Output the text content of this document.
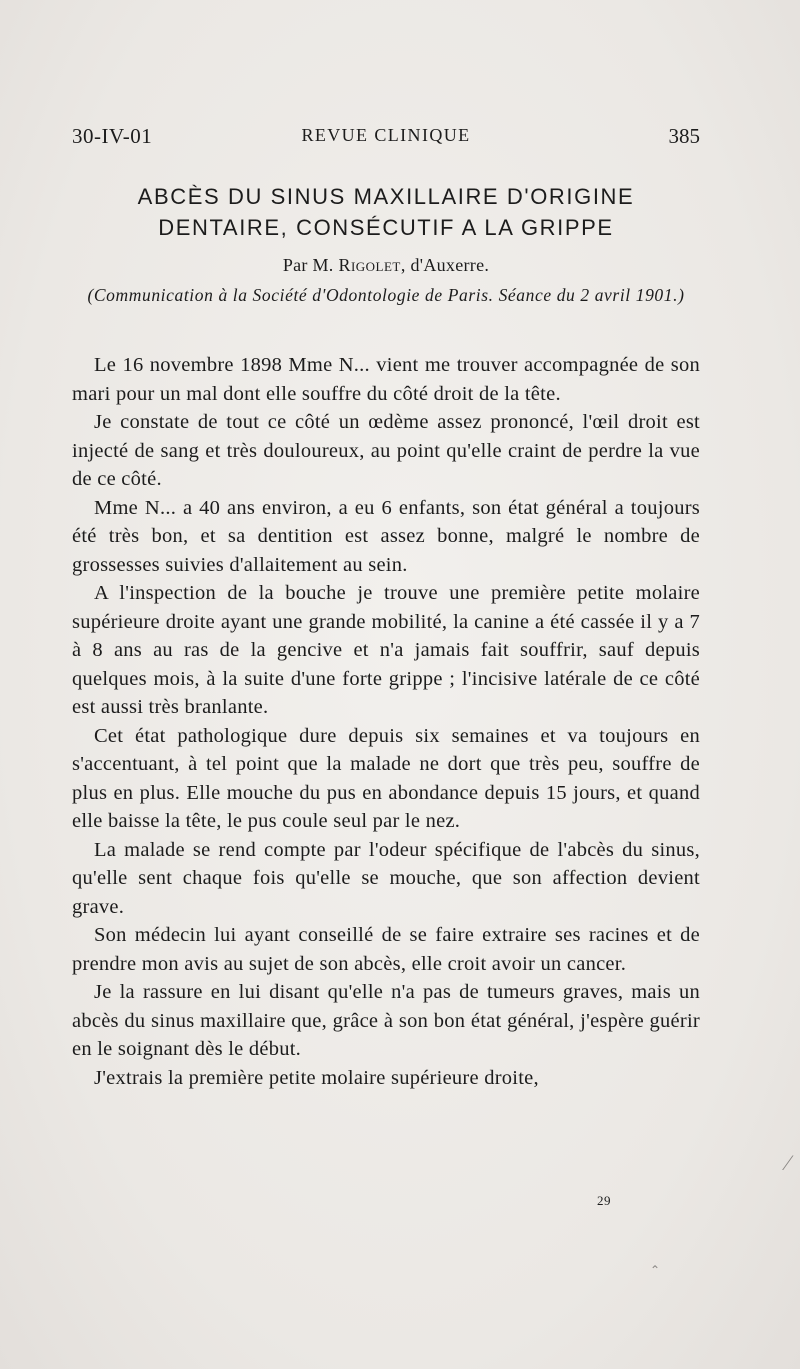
30-IV-01	REVUE CLINIQUE	385
ABCÈS DU SINUS MAXILLAIRE D'ORIGINE DENTAIRE, CONSÉCUTIF A LA GRIPPE
Par M. Rigolet, d'Auxerre.

(Communication à la Société d'Odontologie de Paris. Séance du 2 avril 1901.)

Le 16 novembre 1898 Mme N... vient me trouver accompagnée de son mari pour un mal dont elle souffre du côté droit de la tête.

Je constate de tout ce côté un œdème assez prononcé, l'œil droit est injecté de sang et très douloureux, au point qu'elle craint de perdre la vue de ce côté.

Mme N... a 40 ans environ, a eu 6 enfants, son état général a toujours été très bon, et sa dentition est assez bonne, malgré le nombre de grossesses suivies d'allaitement au sein.

A l'inspection de la bouche je trouve une première petite molaire supérieure droite ayant une grande mobilité, la canine a été cassée il y a 7 à 8 ans au ras de la gencive et n'a jamais fait souffrir, sauf depuis quelques mois, à la suite d'une forte grippe ; l'incisive latérale de ce côté est aussi très branlante.

Cet état pathologique dure depuis six semaines et va toujours en s'accentuant, à tel point que la malade ne dort que très peu, souffre de plus en plus. Elle mouche du pus en abondance depuis 15 jours, et quand elle baisse la tête, le pus coule seul par le nez.

La malade se rend compte par l'odeur spécifique de l'abcès du sinus, qu'elle sent chaque fois qu'elle se mouche, que son affection devient grave.

Son médecin lui ayant conseillé de se faire extraire ses racines et de prendre mon avis au sujet de son abcès, elle croit avoir un cancer.

Je la rassure en lui disant qu'elle n'a pas de tumeurs graves, mais un abcès du sinus maxillaire que, grâce à son bon état général, j'espère guérir en le soignant dès le début.

J'extrais la première petite molaire supérieure droite,

29
⁄
⌃
